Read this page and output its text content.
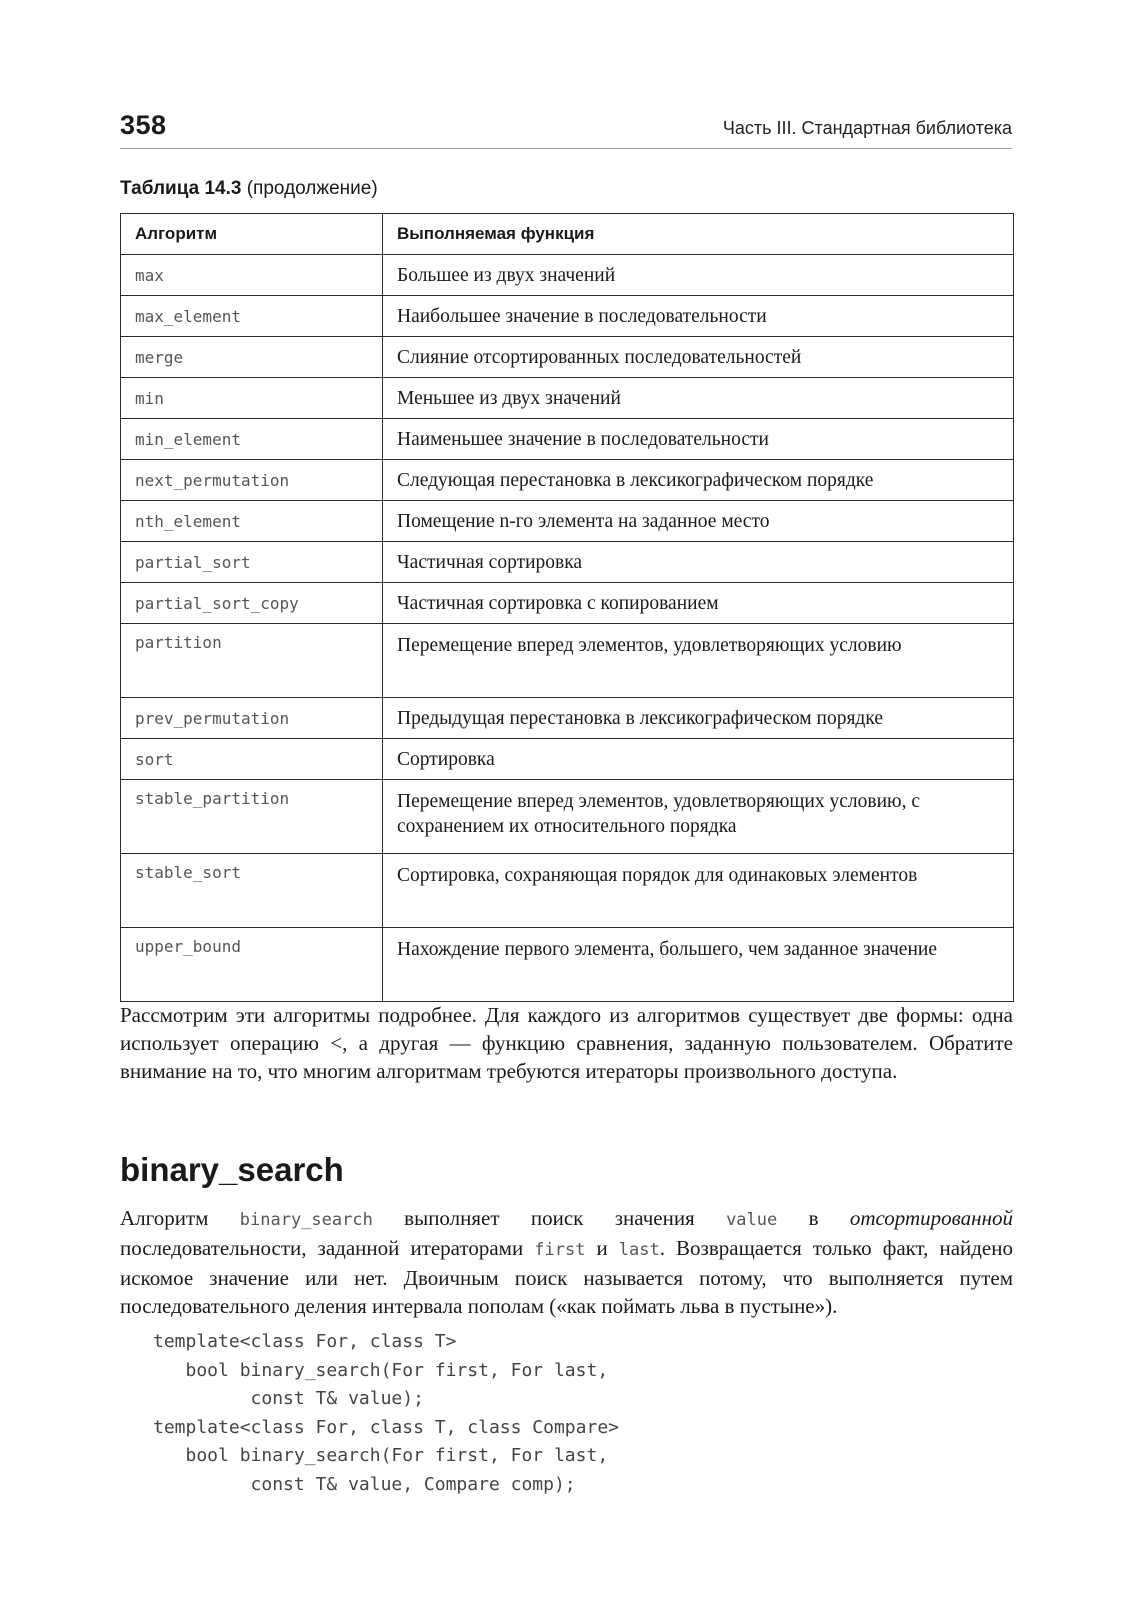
358	Часть III. Стандартная библиотека
Таблица 14.3 (продолжение)
Алгоритм	Выполняемая функция
max	Большее из двух значений
max_element	Наибольшее значение в последовательности
merge	Слияние отсортированных последовательностей
min	Меньшее из двух значений
min_element	Наименьшее значение в последовательности
next_permutation	Следующая перестановка в лексикографическом порядке
nth_element	Помещение n-го элемента на заданное место
partial_sort	Частичная сортировка
partial_sort_copy	Частичная сортировка с копированием
partition	Перемещение вперед элементов, удовлетворяющих условию
prev_permutation	Предыдущая перестановка в лексикографическом порядке
sort	Сортировка
stable_partition	Перемещение вперед элементов, удовлетворяющих условию, с сохранением их относительного порядка
stable_sort	Сортировка, сохраняющая порядок для одинаковых элементов
upper_bound	Нахождение первого элемента, большего, чем заданное значение

Рассмотрим эти алгоритмы подробнее. Для каждого из алгоритмов существует две формы: одна использует операцию <, а другая — функцию сравнения, заданную пользователем. Обратите внимание на то, что многим алгоритмам требуются итераторы произвольного доступа.

binary_search

Алгоритм binary_search выполняет поиск значения value в отсортированной последовательности, заданной итераторами first и last. Возвращается только факт, найдено искомое значение или нет. Двоичным поиск называется потому, что выполняется путем последовательного деления интервала пополам («как поймать льва в пустыне»).

template<class For, class T>
bool binary_search(For first, For last,
const T& value);
template<class For, class T, class Compare>
bool binary_search(For first, For last,
const T& value, Compare comp);
